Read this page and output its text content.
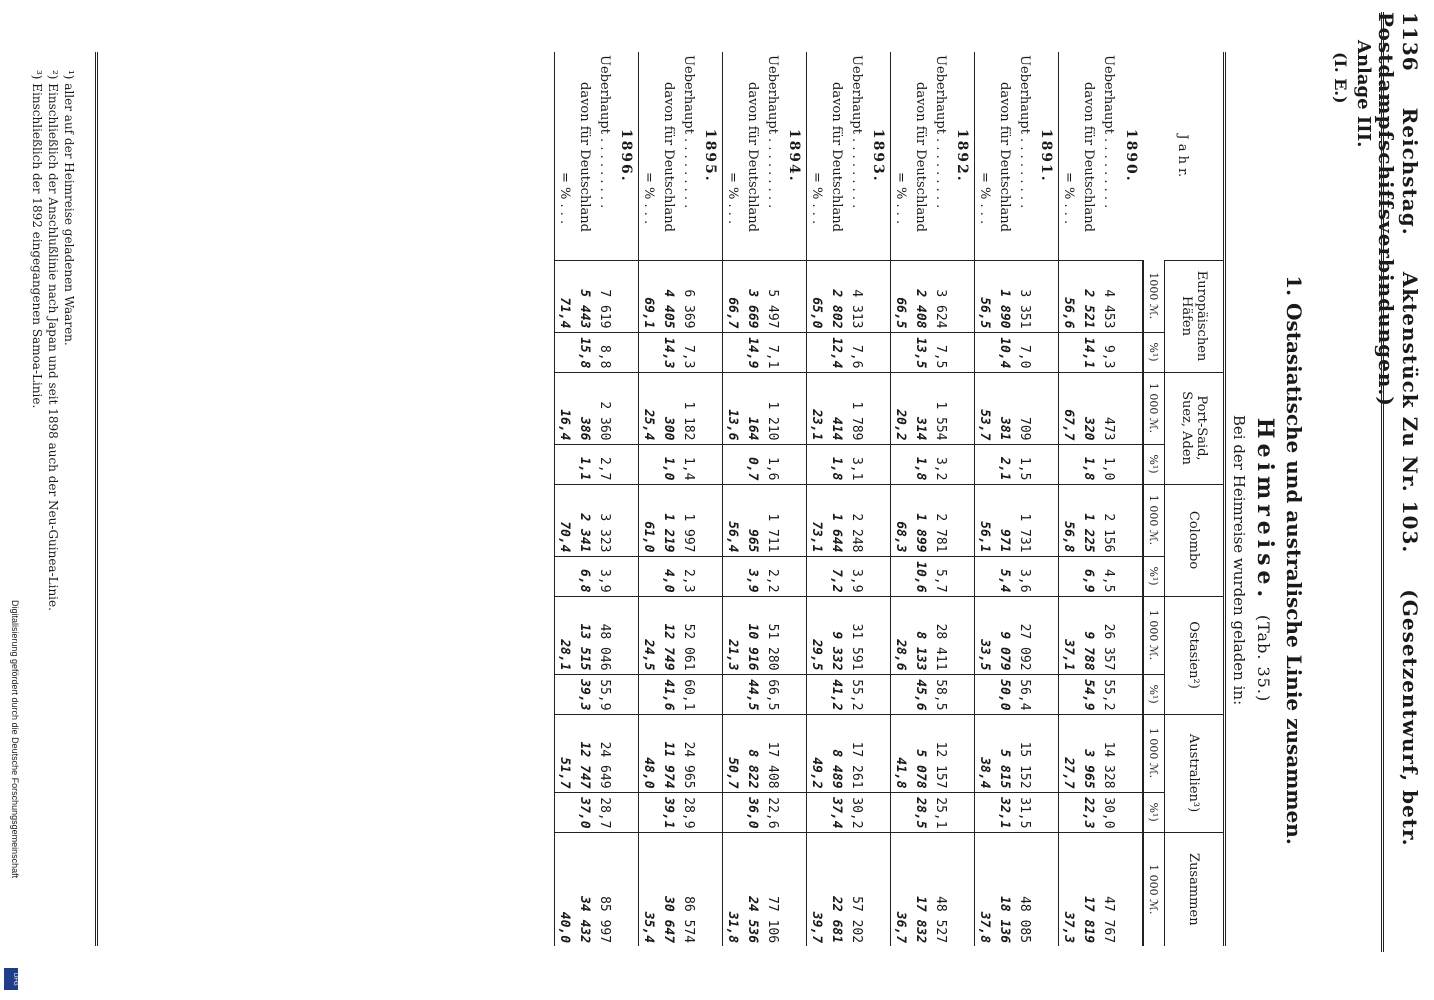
1136 Reichstag. Aktenstück Zu Nr. 103. (Gesetzentwurf, betr. Postdampfschiffsverbindungen.)
Anlage III.
(I. E.)
1. Ostasiatische und australische Linie zusammen.
Heimreise. (Tab. 35.)
Bei der Heimreise wurden geladen in:
J a h r.	Europäischen Häfen		Port-Said, Suez, Aden		Colombo		Ostasien²)		Australien³)		Zusammen
	1000 ℳ.	%¹)	1 000 ℳ.	%¹)	1 000 ℳ.	%¹)	1 000 ℳ.	%¹)	1 000 ℳ.	%¹)	1 000 ℳ.
1890.											
Ueberhaupt . . . . . . . . .	4 453	9,3	473	1,0	2 156	4,5	26 357	55,2	14 328	30,0	47 767
davon für Deutschland	2 521	14,1	320	1,8	1 225	6,9	9 788	54,9	3 965	22,3	17 819
= % . . .	56,6		67,7		56,8		37,1		27,7		37,3
1891.											
Ueberhaupt . . . . . . . . .	3 351	7,0	709	1,5	1 731	3,6	27 092	56,4	15 152	31,5	48 085
davon für Deutschland	1 890	10,4	381	2,1	971	5,4	9 079	50,0	5 815	32,1	18 136
= % . . .	56,5		53,7		56,1		33,5		38,4		37,8
1892.											
Ueberhaupt . . . . . . . . .	3 624	7,5	1 554	3,2	2 781	5,7	28 411	58,5	12 157	25,1	48 527
davon für Deutschland	2 408	13,5	314	1,8	1 899	10,6	8 133	45,6	5 078	28,5	17 832
= % . . .	66,5		20,2		68,3		28,6		41,8		36,7
1893.											
Ueberhaupt . . . . . . . . .	4 313	7,6	1 789	3,1	2 248	3,9	31 591	55,2	17 261	30,2	57 202
davon für Deutschland	2 802	12,4	414	1,8	1 644	7,2	9 332	41,2	8 489	37,4	22 681
= % . . .	65,0		23,1		73,1		29,5		49,2		39,7
1894.											
Ueberhaupt . . . . . . . . .	5 497	7,1	1 210	1,6	1 711	2,2	51 280	66,5	17 408	22,6	77 106
davon für Deutschland	3 669	14,9	164	0,7	965	3,9	10 916	44,5	8 822	36,0	24 536
= % . . .	66,7		13,6		56,4		21,3		50,7		31,8
1895.											
Ueberhaupt . . . . . . . . .	6 369	7,3	1 182	1,4	1 997	2,3	52 061	60,1	24 965	28,9	86 574
davon für Deutschland	4 405	14,3	300	1,0	1 219	4,0	12 749	41,6	11 974	39,1	30 647
= % . . .	69,1		25,4		61,0		24,5		48,0		35,4
1896.											
Ueberhaupt . . . . . . . . .	7 619	8,8	2 360	2,7	3 323	3,9	48 046	55,9	24 649	28,7	85 997
davon für Deutschland	5 443	15,8	386	1,1	2 341	6,8	13 515	39,3	12 747	37,0	34 432
= % . . .	71,4		16,4		70,4		28,1		51,7		40,0
¹) aller auf der Heimreise geladenen Waaren.
²) Einschließlich der Anschlußlinie nach Japan und seit 1898 auch der Neu-Guinea-Linie.
³) Einschließlich der 1892 eingegangenen Samoa-Linie.
Digitalisierung gefördert durch die Deutsche Forschungsgemeinschaft
DFG
